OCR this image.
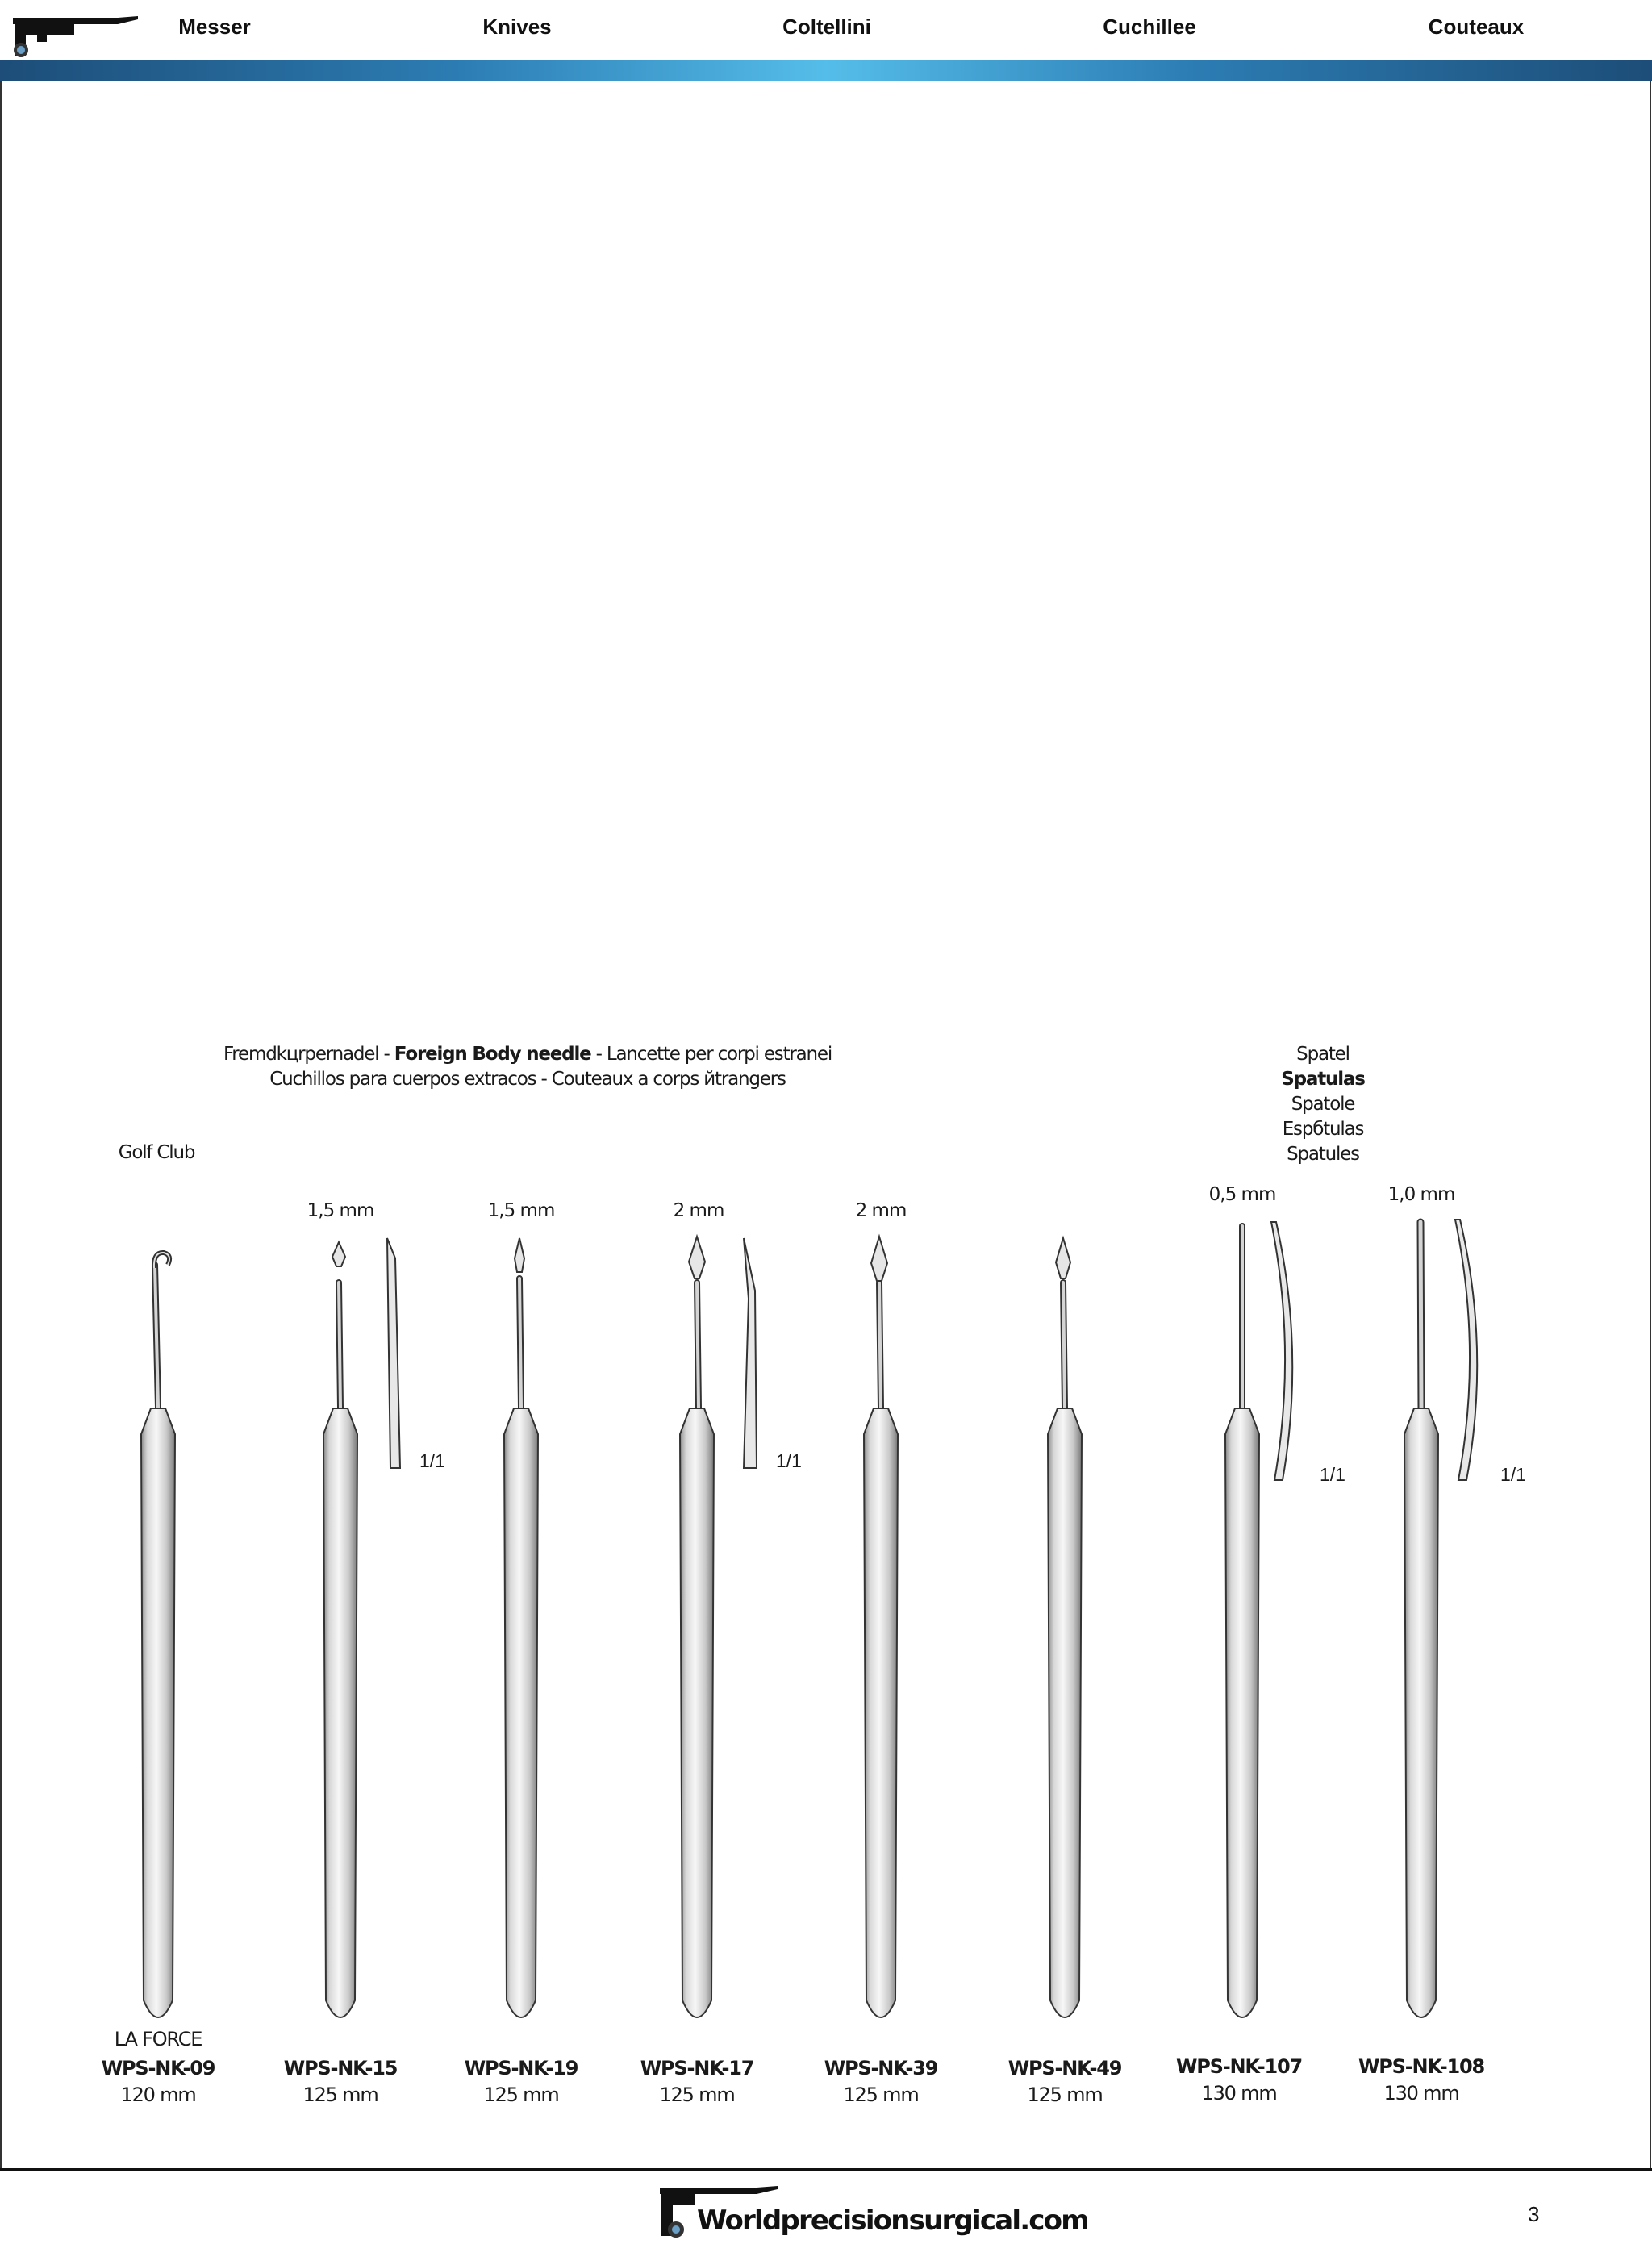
Messer	Knives	Coltellini	Cuchillee	Couteaux
Fremdkцrpernadel - Foreign Body needle - Lancette per corpi estranei
Cuchillos para cuerpos extracos - Couteaux a corps йtrangers
Spatel
Spatulas
Spatole
Espбtulas
Spatules
Golf Club
1,5 mm	1,5 mm	2 mm	2 mm
0,5 mm	1,0 mm
1/1	1/1
1/1	1/1
LA FORCE
WPS-NK-09
120 mm
WPS-NK-15
125 mm
WPS-NK-19
125 mm
WPS-NK-17
125 mm
WPS-NK-39
125 mm
WPS-NK-49
125 mm
WPS-NK-107
130 mm
WPS-NK-108
130 mm
Worldprecisionsurgical.com	3
